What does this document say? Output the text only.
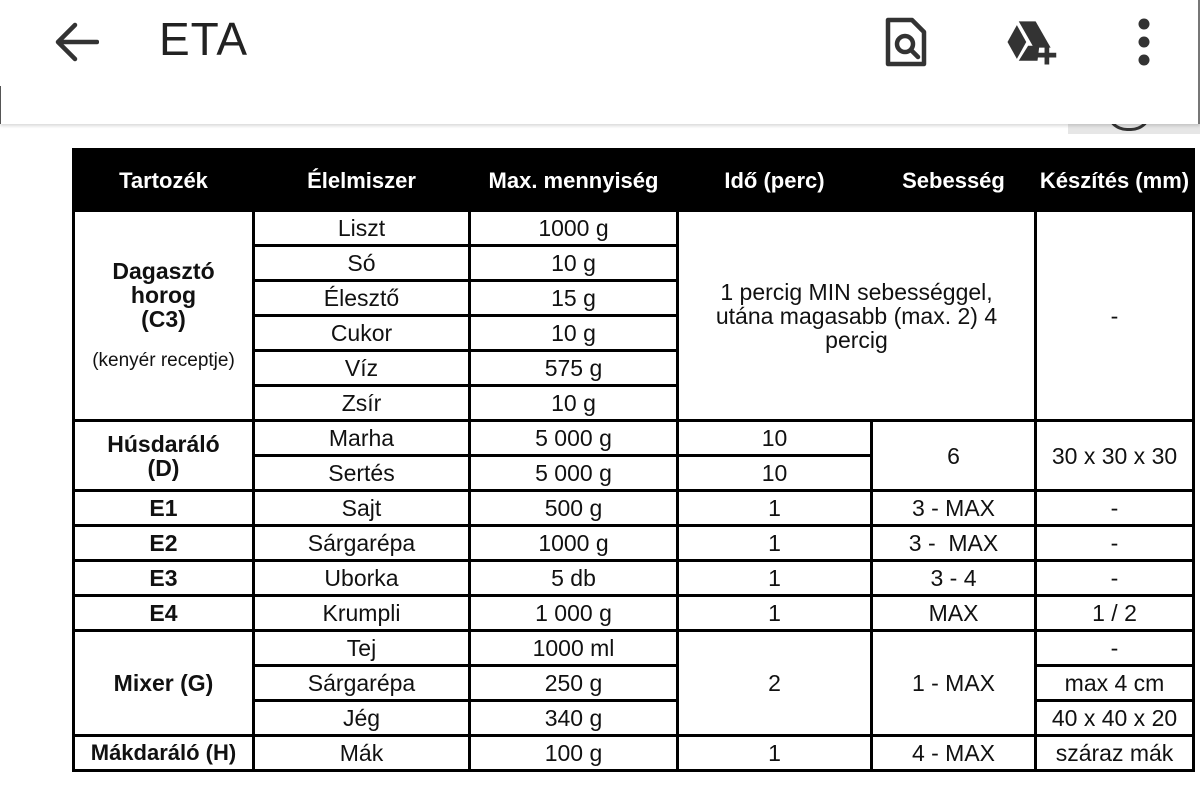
ETA
Tartozék	Élelmiszer	Max. mennyiség	Idő (perc)	Sebesség	Készítés (mm)
Dagasztó
horog
(C3)
(kenyér receptje)	Liszt	1000 g	1 percig MIN sebességgel, utána magasabb (max. 2) 4 percig		-
	Só	10 g			
	Élesztő	15 g			
	Cukor	10 g			
	Víz	575 g			
	Zsír	10 g			
Húsdaráló
(D)	Marha	5 000 g	10	6	30 x 30 x 30
	Sertés	5 000 g	10		
E1	Sajt	500 g	1	3 - MAX	-
E2	Sárgarépa	1000 g	1	3 -  MAX	-
E3	Uborka	5 db	1	3 - 4	-
E4	Krumpli	1 000 g	1	MAX	1 / 2
Mixer (G)	Tej	1000 ml	2	1 - MAX	-
	Sárgarépa	250 g			max 4 cm
	Jég	340 g			40 x 40 x 20
Mákdaráló (H)	Mák	100 g	1	4 - MAX	száraz mák
